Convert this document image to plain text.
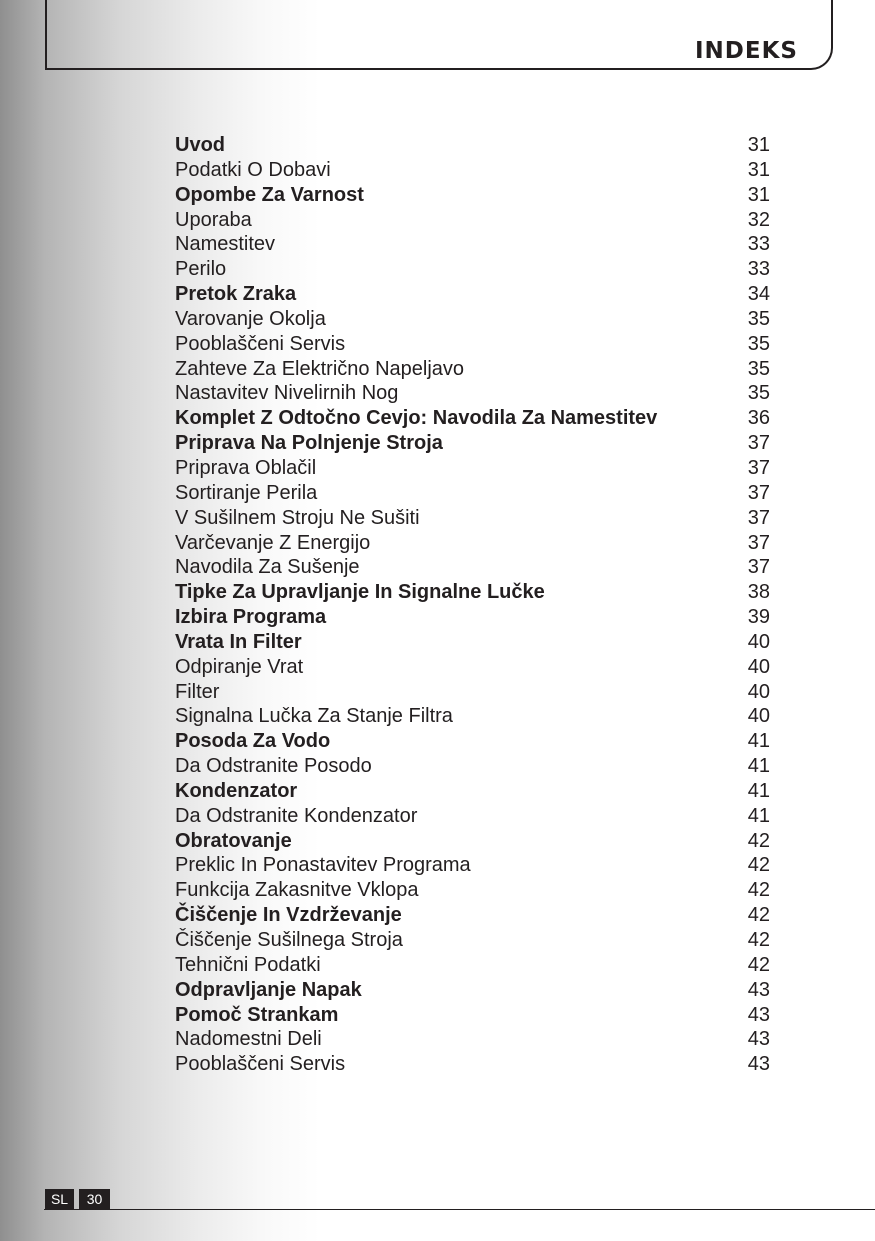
INDEKS
Uvod	31
Podatki O Dobavi	31
Opombe Za Varnost	31
Uporaba	32
Namestitev	33
Perilo	33
Pretok Zraka	34
Varovanje Okolja	35
Pooblaščeni Servis	35
Zahteve Za Električno Napeljavo	35
Nastavitev Nivelirnih Nog	35
Komplet Z Odtočno Cevjo: Navodila Za Namestitev	36
Priprava Na Polnjenje Stroja	37
Priprava Oblačil	37
Sortiranje Perila	37
V Sušilnem Stroju Ne Sušiti	37
Varčevanje Z Energijo	37
Navodila Za Sušenje	37
Tipke Za Upravljanje In Signalne Lučke	38
Izbira Programa	39
Vrata In Filter	40
Odpiranje Vrat	40
Filter	40
Signalna Lučka Za Stanje Filtra	40
Posoda Za Vodo	41
Da Odstranite Posodo	41
Kondenzator	41
Da Odstranite Kondenzator	41
Obratovanje	42
Preklic In Ponastavitev Programa	42
Funkcija Zakasnitve Vklopa	42
Čiščenje In Vzdrževanje	42
Čiščenje Sušilnega Stroja	42
Tehnični Podatki	42
Odpravljanje Napak	43
Pomoč Strankam	43
Nadomestni Deli	43
Pooblaščeni Servis	43
SL	30
